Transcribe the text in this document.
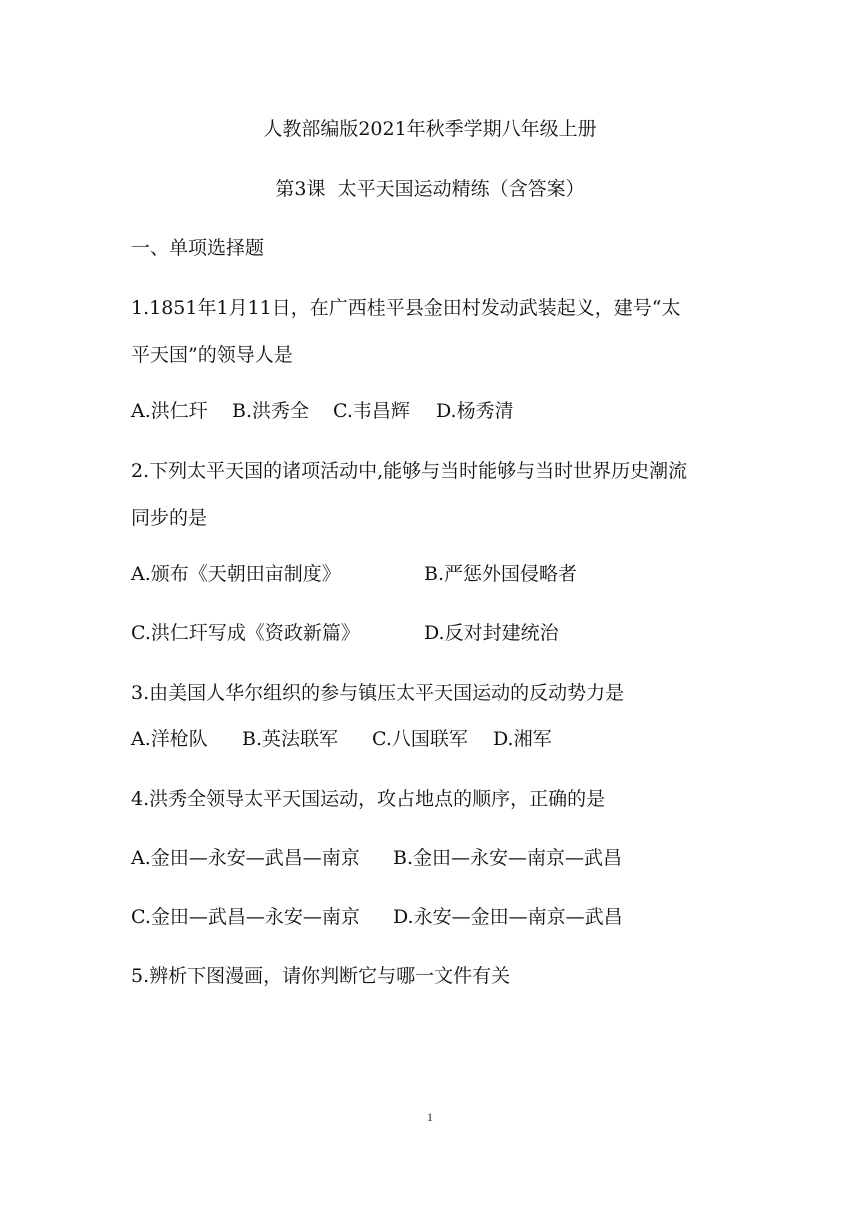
人教部编版2021年秋季学期八年级上册
第3课  太平天国运动精练（含答案）
一、单项选择题
1.1851年1月11日，在广西桂平县金田村发动武装起义，建号“太
平天国”的领导人是
A.洪仁玕 B.洪秀全 C.韦昌辉 D.杨秀清
2.下列太平天国的诸项活动中,能够与当时能够与当时世界历史潮流
同步的是
A.颁布《天朝田亩制度》	B.严惩外国侵略者
C.洪仁玕写成《资政新篇》	D.反对封建统治
3.由美国人华尔组织的参与镇压太平天国运动的反动势力是
A.洋枪队 B.英法联军 C.八国联军 D.湘军
4.洪秀全领导太平天国运动，攻占地点的顺序，正确的是
A.金田—永安—武昌—南京 B.金田—永安—南京—武昌
C.金田—武昌—永安—南京 D.永安—金田—南京—武昌
5.辨析下图漫画，请你判断它与哪一文件有关
1
